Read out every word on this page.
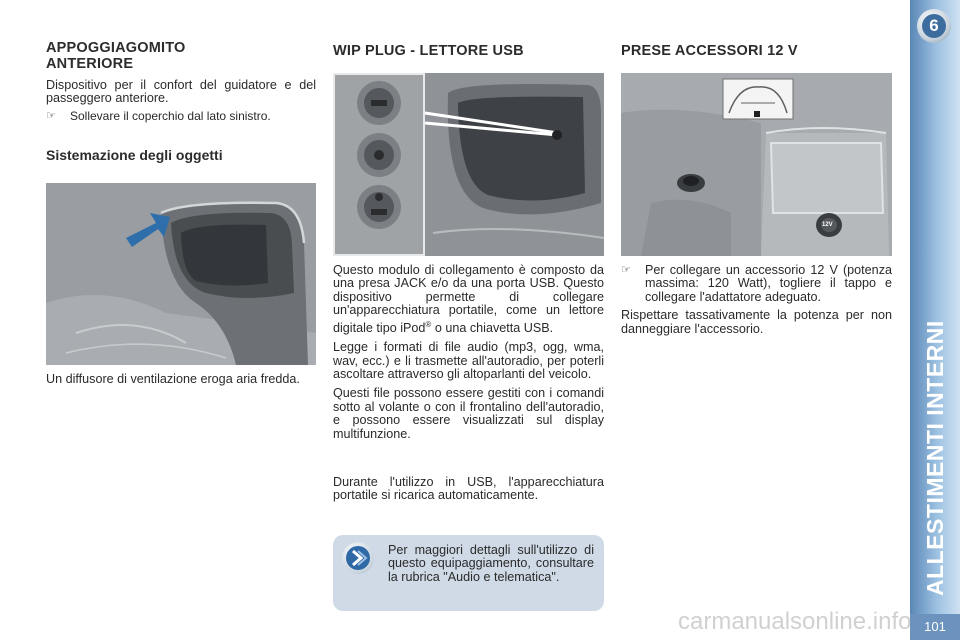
APPOGGIAGOMITO
ANTERIORE

Dispositivo per il confort del guidatore e del passeggero anteriore.

☞	Sollevare il coperchio dal lato sinistro.
Sistemazione degli oggetti

Un diffusore di ventilazione eroga aria fredda.

WIP PLUG - LETTORE USB

Questo modulo di collegamento è composto da una presa JACK e/o da una porta USB. Questo dispositivo permette di collegare un'apparecchiatura portatile, come un lettore digitale tipo iPod® o una chiavetta USB.

Legge i formati di file audio (mp3, ogg, wma, wav, ecc.) e li trasmette all'autoradio, per poterli ascoltare attraverso gli altoparlanti del veicolo.

Questi file possono essere gestiti con i comandi sotto al volante o con il frontalino dell'autoradio, e possono essere visualizzati sul display multifunzione.

Durante l'utilizzo in USB, l'apparecchiatura portatile si ricarica automaticamente.

Per maggiori dettagli sull'utilizzo di questo equipaggiamento, consultare la rubrica "Audio e telematica".
PRESE ACCESSORI 12 V
12V
☞	Per collegare un accessorio 12 V (potenza massima: 120 Watt), togliere il tappo e collegare l'adattatore adeguato.

Rispettare tassativamente la potenza per non danneggiare l'accessorio.

6
ALLESTIMENTI INTERNI
101
carmanualsonline.info
